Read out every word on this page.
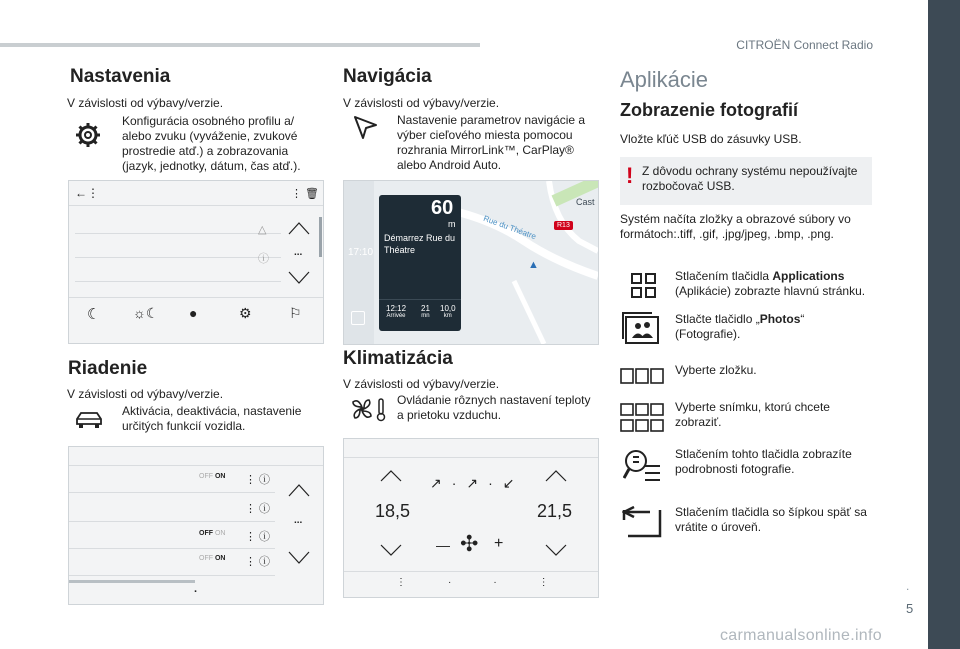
CITROËN Connect Radio
.
5
Nastavenia
V závislosti od výbavy/verzie.
Konfigurácia osobného profilu a/ alebo zvuku (vyváženie, zvukové prostredie atď.) a zobrazovania (jazyk, jednotky, dátum, čas atď.).
←⋮	⋮ 🗑
△
ⓘ
...
☾ ☼☾ ●	⚙	⚐
Riadenie
V závislosti od výbavy/verzie.
Aktivácia, deaktivácia, nastavenie určitých funkcií vozidla.
OFF ON ⋮ ⓘ
⋮ ⓘ
OFF ON ⋮ ⓘ
OFF ON ⋮ ⓘ
...
.
Navigácia
V závislosti od výbavy/verzie.
Nastavenie parametrov navigácie a výber cieľového miesta pomocou rozhrania MirrorLink™, CarPlay® alebo Android Auto.
17:10
R13
Cast
Rue du Théatre
▲
60
m
Démarrez Rue du Théatre
12:12
Arrivée
21
mn
10,0
km
Klimatizácia
V závislosti od výbavy/verzie.
Ovládanie rôznych nastavení teploty a prietoku vzduchu.
18,5	21,5
↗·↗·↙
— ✣ +
⋮··⋮
Aplikácie
Zobrazenie fotografií
Vložte kľúč USB do zásuvky USB.
! Z dôvodu ochrany systému nepoužívajte rozbočovač USB.
Systém načíta zložky a obrazové súbory vo formátoch:.tiff, .gif, .jpg/jpeg, .bmp, .png.
Stlačením tlačidla Applications (Aplikácie) zobrazte hlavnú stránku.
Stlačte tlačidlo „Photos“ (Fotografie).
Vyberte zložku.
Vyberte snímku, ktorú chcete zobraziť.
Stlačením tohto tlačidla zobrazíte podrobnosti fotografie.
Stlačením tlačidla so šípkou späť sa vrátite o úroveň.
carmanualsonline.info
